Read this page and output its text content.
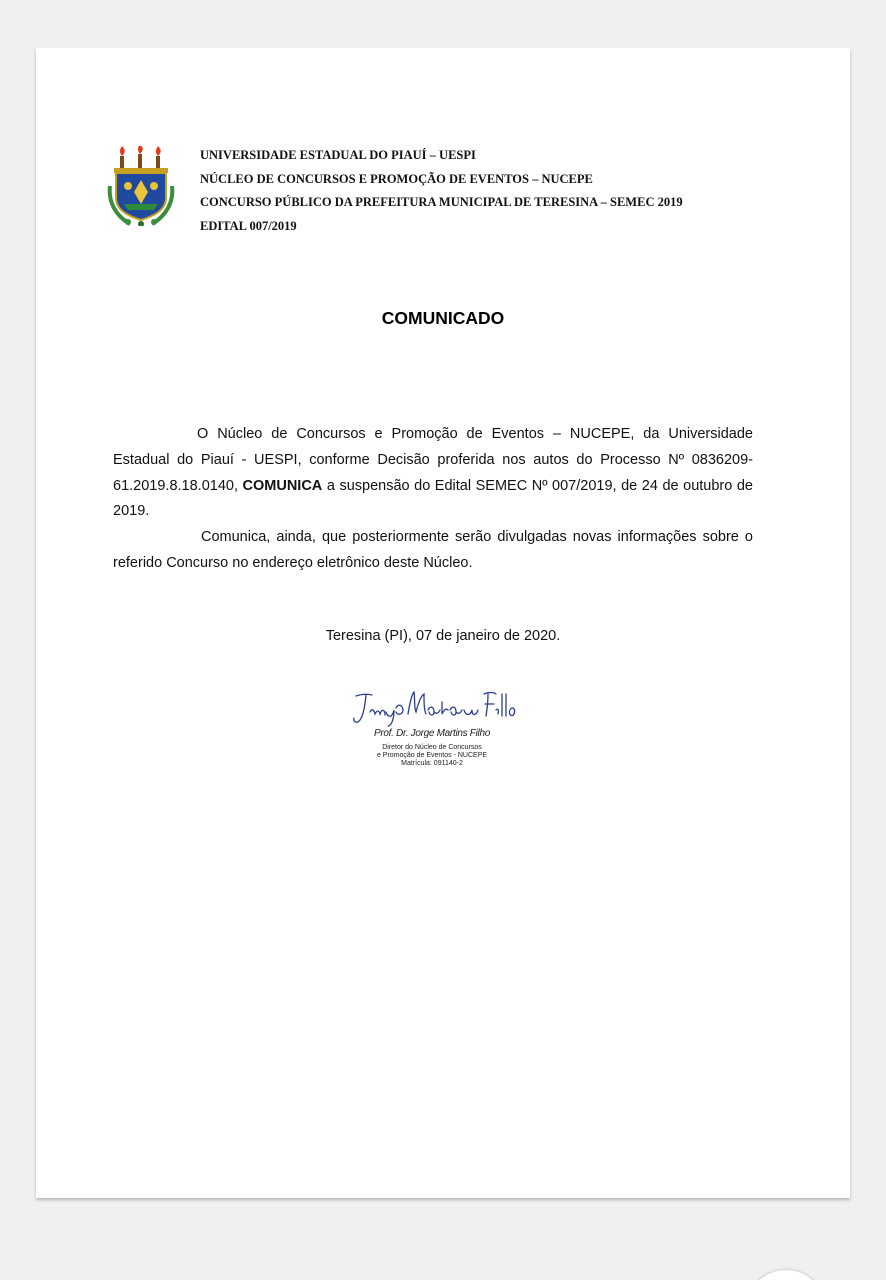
UNIVERSIDADE ESTADUAL DO PIAUÍ – UESPI
NÚCLEO DE CONCURSOS E PROMOÇÃO DE EVENTOS – NUCEPE
CONCURSO PÚBLICO DA PREFEITURA MUNICIPAL DE TERESINA – SEMEC 2019
EDITAL 007/2019
COMUNICADO

O Núcleo de Concursos e Promoção de Eventos – NUCEPE, da Universidade Estadual do Piauí - UESPI, conforme Decisão proferida nos autos do Processo Nº 0836209-61.2019.8.18.0140, COMUNICA a suspensão do Edital SEMEC Nº 007/2019, de 24 de outubro de 2019.

Comunica, ainda, que posteriormente serão divulgadas novas informações sobre o referido Concurso no endereço eletrônico deste Núcleo.

Teresina (PI), 07 de janeiro de 2020.
Prof. Dr. Jorge Martins Filho
Diretor do Núcleo de Concursos
e Promoção de Eventos - NUCEPE
Matrícula: 091140-2
